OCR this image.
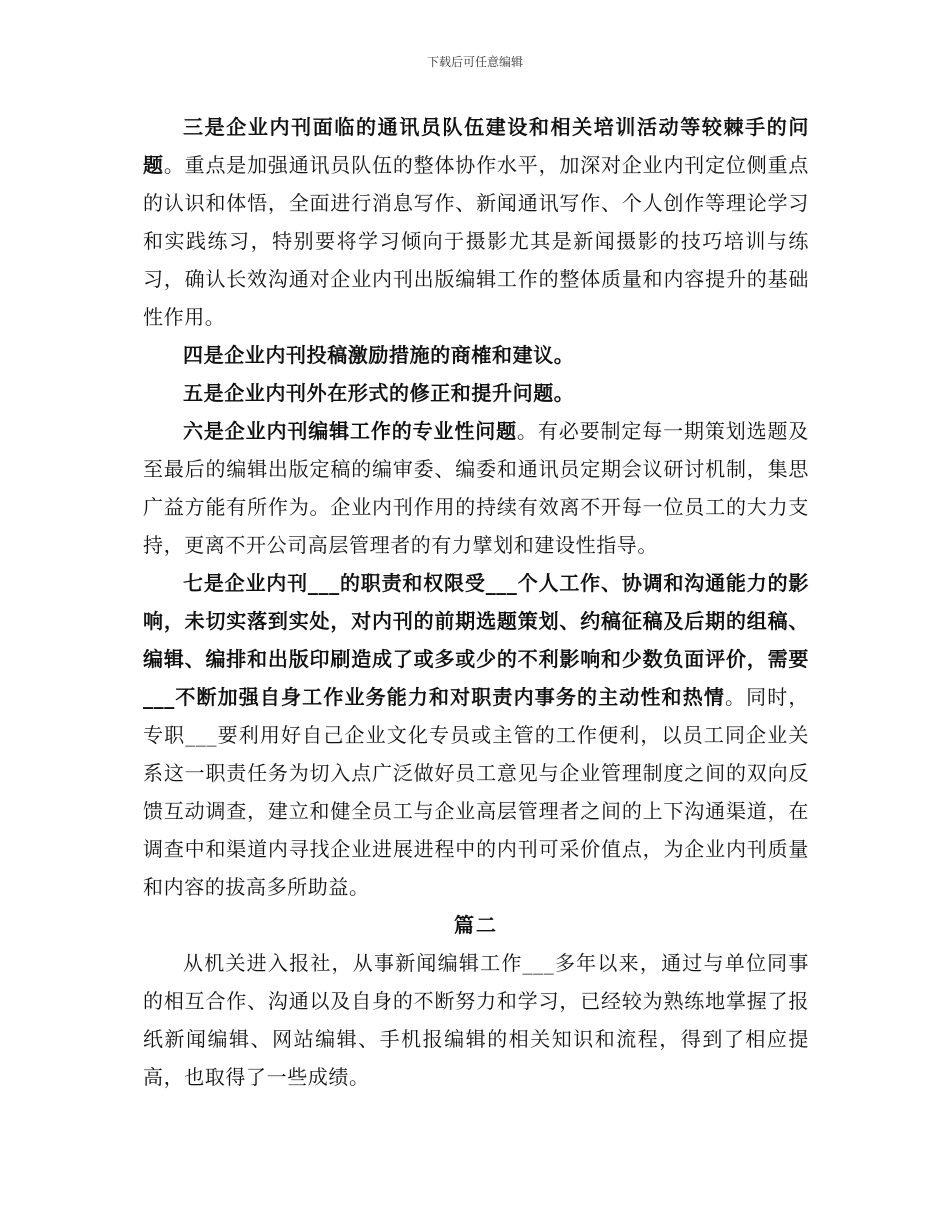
下载后可任意编辑

三是企业内刊面临的通讯员队伍建设和相关培训活动等较棘手的问题。重点是加强通讯员队伍的整体协作水平，加深对企业内刊定位侧重点的认识和体悟，全面进行消息写作、新闻通讯写作、个人创作等理论学习和实践练习，特别要将学习倾向于摄影尤其是新闻摄影的技巧培训与练习，确认长效沟通对企业内刊出版编辑工作的整体质量和内容提升的基础性作用。

四是企业内刊投稿激励措施的商榷和建议。

五是企业内刊外在形式的修正和提升问题。

六是企业内刊编辑工作的专业性问题。有必要制定每一期策划选题及至最后的编辑出版定稿的编审委、编委和通讯员定期会议研讨机制，集思广益方能有所作为。企业内刊作用的持续有效离不开每一位员工的大力支持，更离不开公司高层管理者的有力擘划和建设性指导。

七是企业内刊___的职责和权限受___个人工作、协调和沟通能力的影响，未切实落到实处，对内刊的前期选题策划、约稿征稿及后期的组稿、编辑、编排和出版印刷造成了或多或少的不利影响和少数负面评价，需要___不断加强自身工作业务能力和对职责内事务的主动性和热情。同时，专职___要利用好自己企业文化专员或主管的工作便利，以员工同企业关系这一职责任务为切入点广泛做好员工意见与企业管理制度之间的双向反馈互动调查，建立和健全员工与企业高层管理者之间的上下沟通渠道，在调查中和渠道内寻找企业进展进程中的内刊可采价值点，为企业内刊质量和内容的拔高多所助益。

篇二

从机关进入报社，从事新闻编辑工作___多年以来，通过与单位同事的相互合作、沟通以及自身的不断努力和学习，已经较为熟练地掌握了报纸新闻编辑、网站编辑、手机报编辑的相关知识和流程，得到了相应提高，也取得了一些成绩。
